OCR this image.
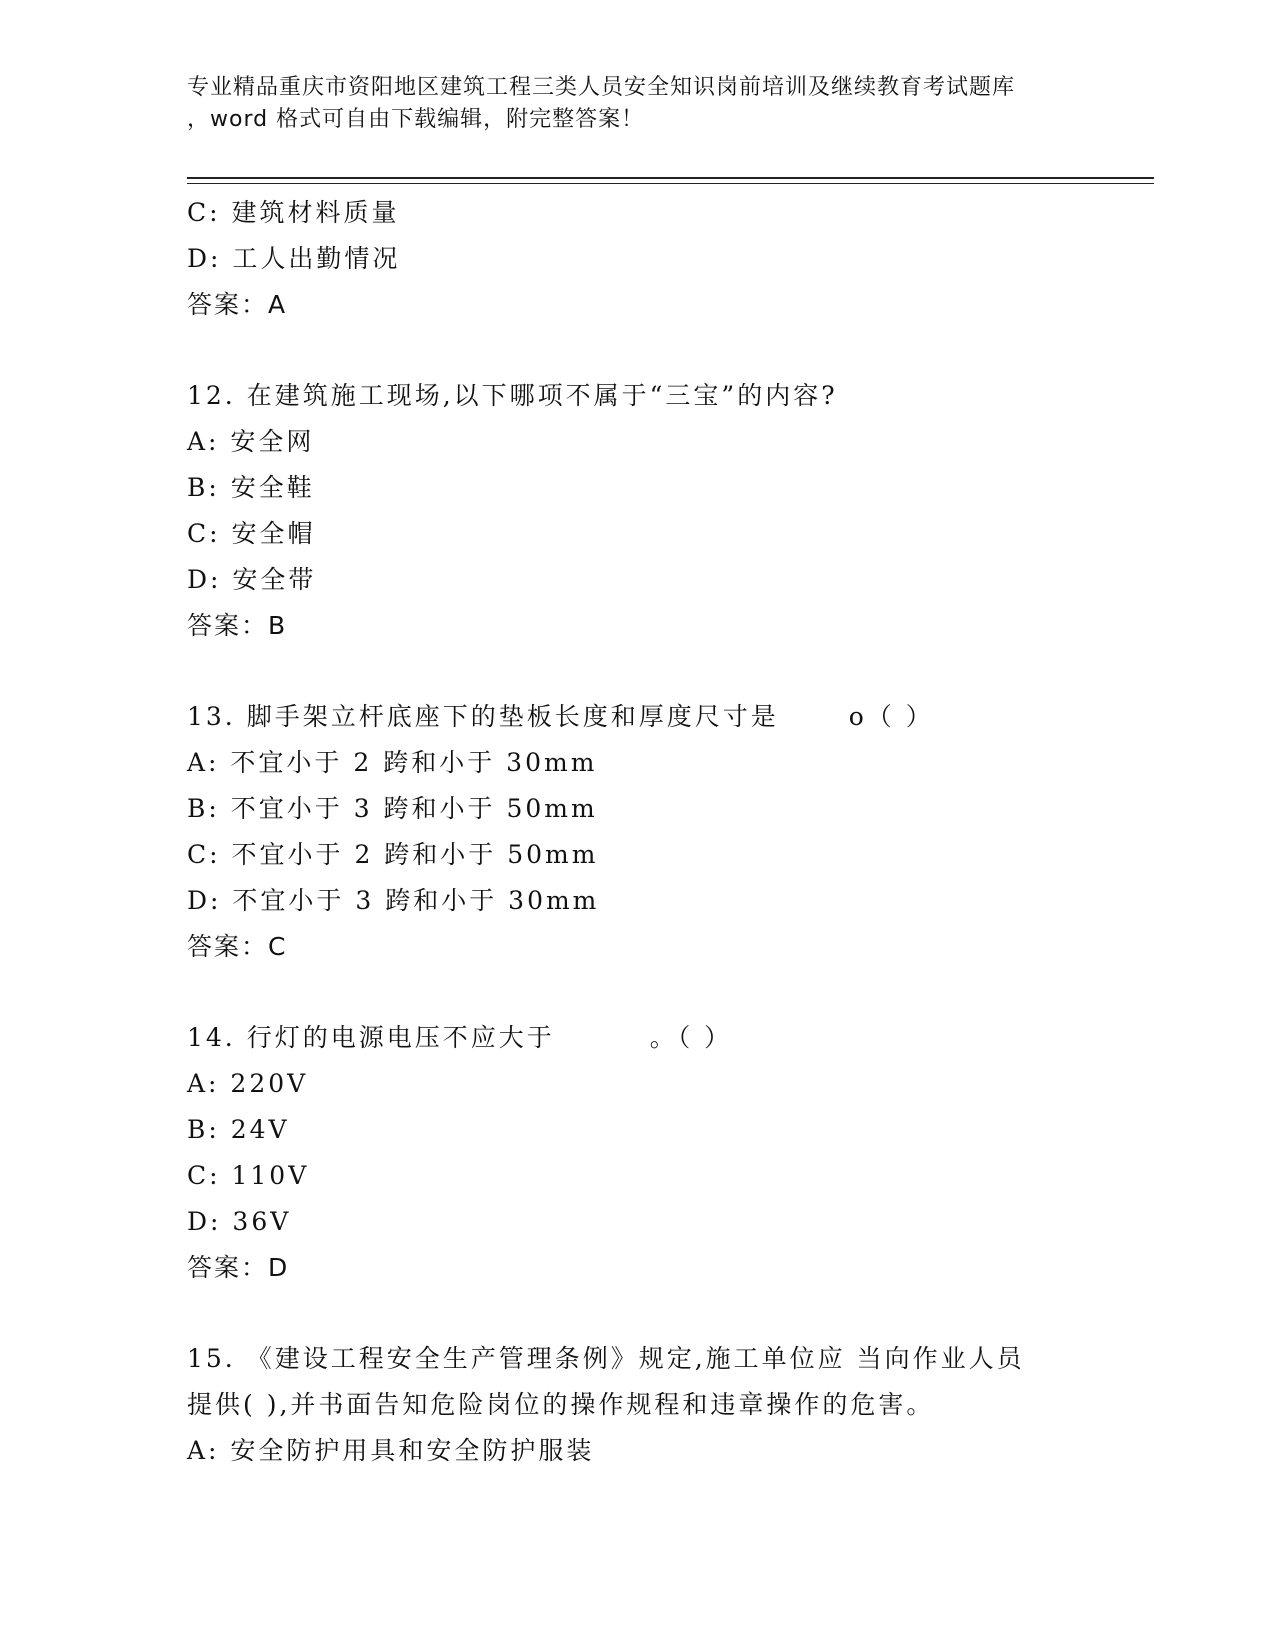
专业精品重庆市资阳地区建筑工程三类人员安全知识岗前培训及继续教育考试题库
，word 格式可自由下载编辑，附完整答案！
C: 建筑材料质量
D: 工人出勤情况
答案：A
12. 在建筑施工现场,以下哪项不属于“三宝”的内容?
A: 安全网
B: 安全鞋
C: 安全帽
D: 安全带
答案：B
13. 脚手架立杆底座下的垫板长度和厚度尺寸是	o（ ）
A: 不宜小于 2 跨和小于 30mm
B: 不宜小于 3 跨和小于 50mm
C: 不宜小于 2 跨和小于 50mm
D: 不宜小于 3 跨和小于 30mm
答案：C
14. 行灯的电源电压不应大于	。（ ）
A: 220V
B: 24V
C: 110V
D: 36V
答案：D
15. 《建设工程安全生产管理条例》规定,施工单位应 当向作业人员
提供( ),并书面告知危险岗位的操作规程和违章操作的危害。
A: 安全防护用具和安全防护服装
